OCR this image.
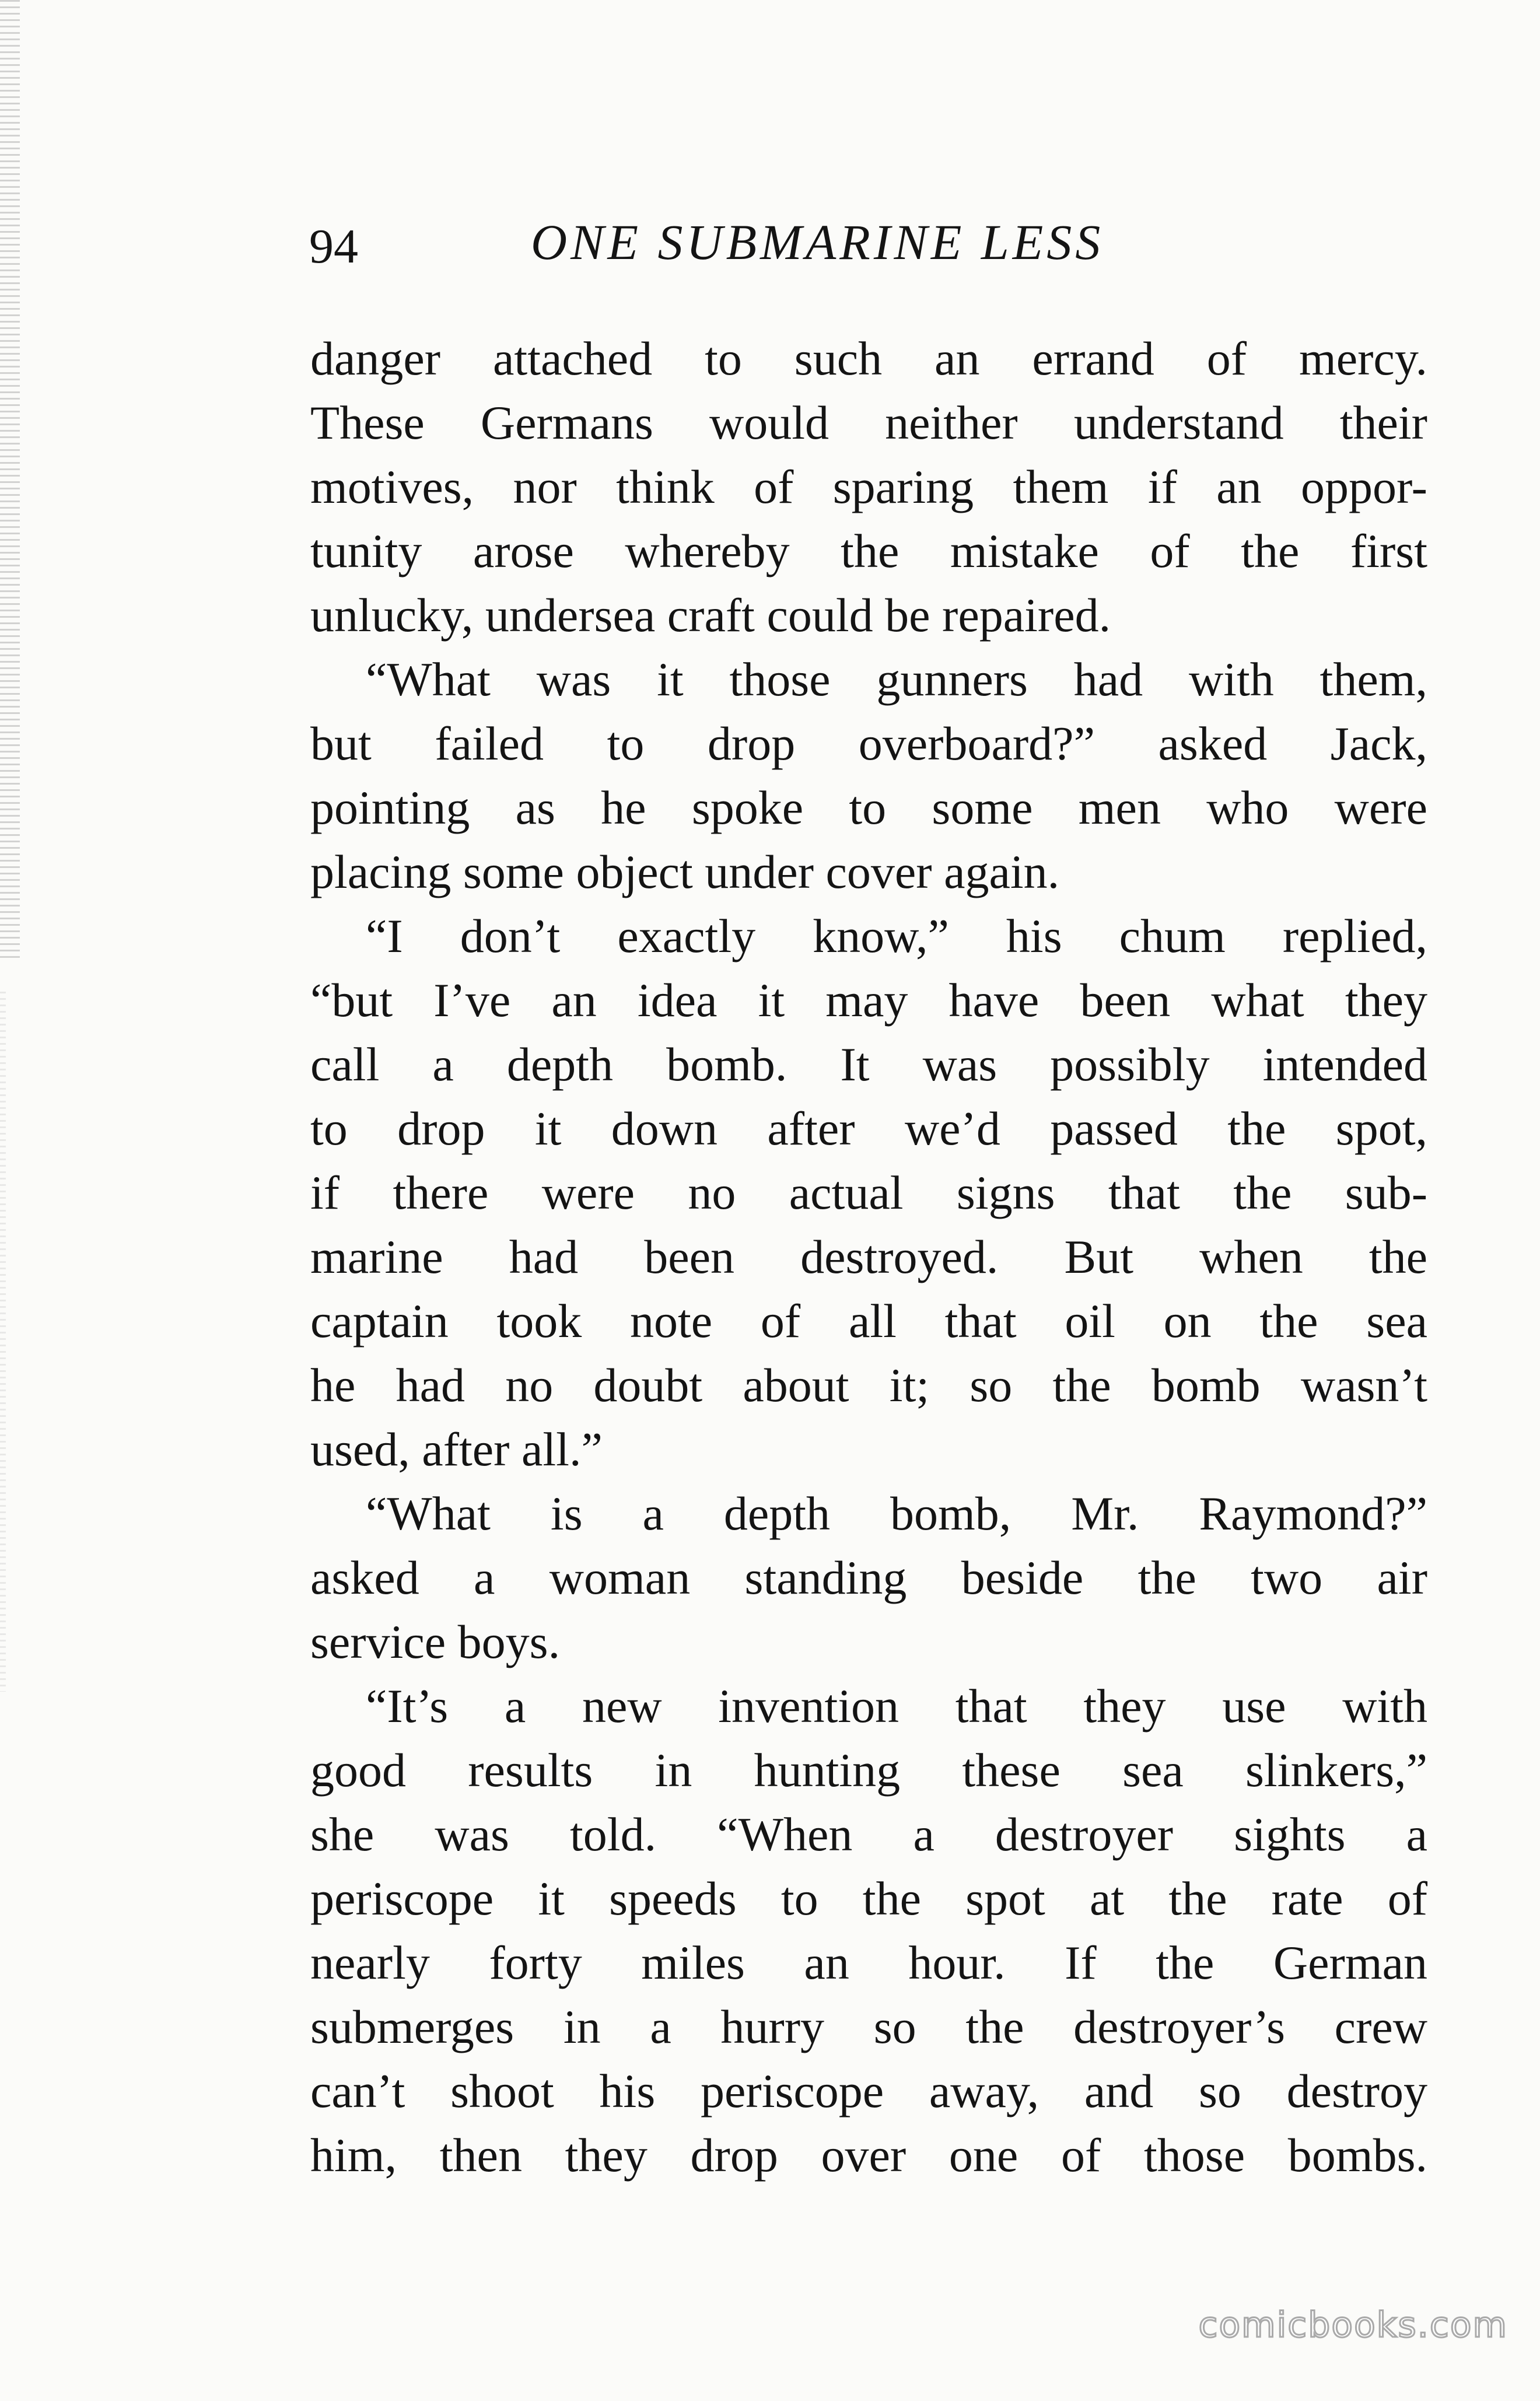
94	ONE SUBMARINE LESS
danger attached to such an errand of mercy.
These Germans would neither understand their
motives, nor think of sparing them if an oppor-
tunity arose whereby the mistake of the first
unlucky, undersea craft could be repaired.
“What was it those gunners had with them,
but failed to drop overboard?” asked Jack,
pointing as he spoke to some men who were
placing some object under cover again.
“I don’t exactly know,” his chum replied,
“but I’ve an idea it may have been what they
call a depth bomb. It was possibly intended
to drop it down after we’d passed the spot,
if there were no actual signs that the sub-
marine had been destroyed. But when the
captain took note of all that oil on the sea
he had no doubt about it; so the bomb wasn’t
used, after all.”
“What is a depth bomb, Mr. Raymond?”
asked a woman standing beside the two air
service boys.
“It’s a new invention that they use with
good results in hunting these sea slinkers,”
she was told. “When a destroyer sights a
periscope it speeds to the spot at the rate of
nearly forty miles an hour. If the German
submerges in a hurry so the destroyer’s crew
can’t shoot his periscope away, and so destroy
him, then they drop over one of those bombs.
comicbooks.com
